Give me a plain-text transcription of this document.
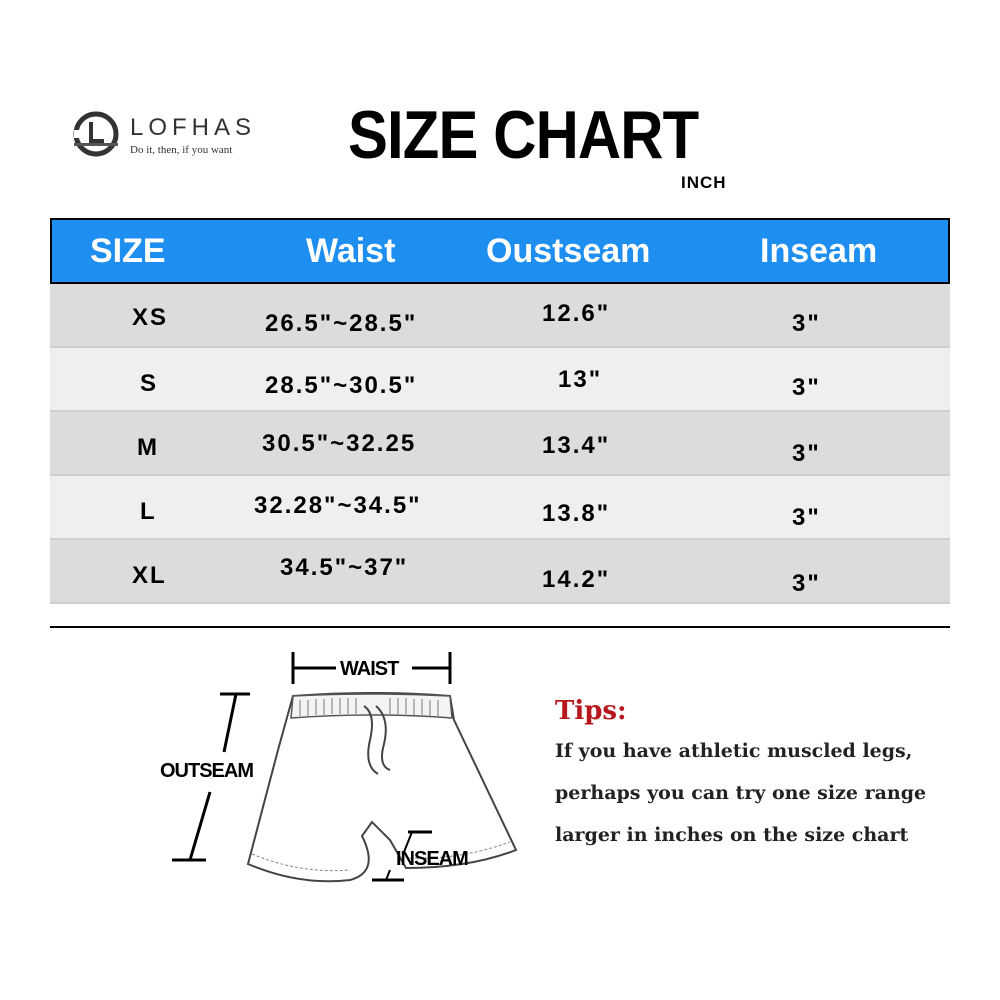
LOFHAS
Do it, then, if you want SIZE CHART
INCH
SIZE	Waist	Oustseam	Inseam
XS	26.5"~28.5"	12.6"	3"
S	28.5"~30.5"	13"	3"
M	30.5"~32.25	13.4"	3"
L	32.28"~34.5"	13.8"	3"
XL	34.5"~37"	14.2"	3"
WAIST
OUTSEAM
INSEAM
Tips:
If you have athletic muscled legs,
perhaps you can try one size range
larger in inches on the size chart
